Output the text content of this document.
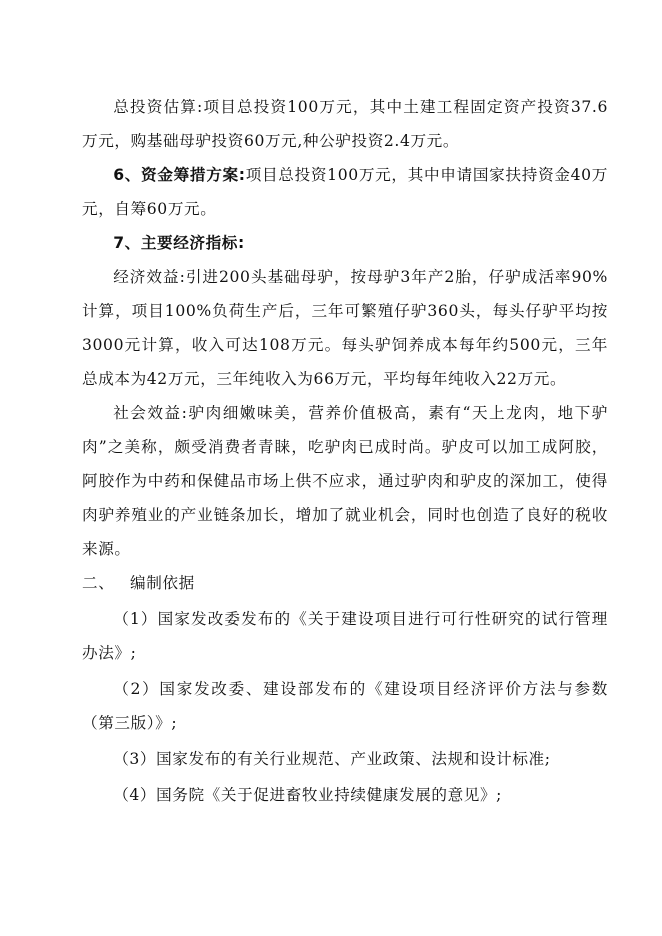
总投资估算:项目总投资100万元，其中土建工程固定资产投资37.6万元，购基础母驴投资60万元,种公驴投资2.4万元。

6、资金筹措方案:项目总投资100万元，其中申请国家扶持资金40万元，自筹60万元。

7、主要经济指标:

经济效益:引进200头基础母驴，按母驴3年产2胎，仔驴成活率90%计算，项目100%负荷生产后，三年可繁殖仔驴360头，每头仔驴平均按3000元计算，收入可达108万元。每头驴饲养成本每年约500元，三年总成本为42万元，三年纯收入为66万元，平均每年纯收入22万元。

社会效益:驴肉细嫩味美，营养价值极高，素有“天上龙肉，地下驴肉”之美称，颇受消费者青睐，吃驴肉已成时尚。驴皮可以加工成阿胶，阿胶作为中药和保健品市场上供不应求，通过驴肉和驴皮的深加工，使得肉驴养殖业的产业链条加长，增加了就业机会，同时也创造了良好的税收来源。

二、 编制依据

（1）国家发改委发布的《关于建设项目进行可行性研究的试行管理办法》;

（2）国家发改委、建设部发布的《建设项目经济评价方法与参数（第三版）》;

（3）国家发布的有关行业规范、产业政策、法规和设计标准;

（4）国务院《关于促进畜牧业持续健康发展的意见》;
